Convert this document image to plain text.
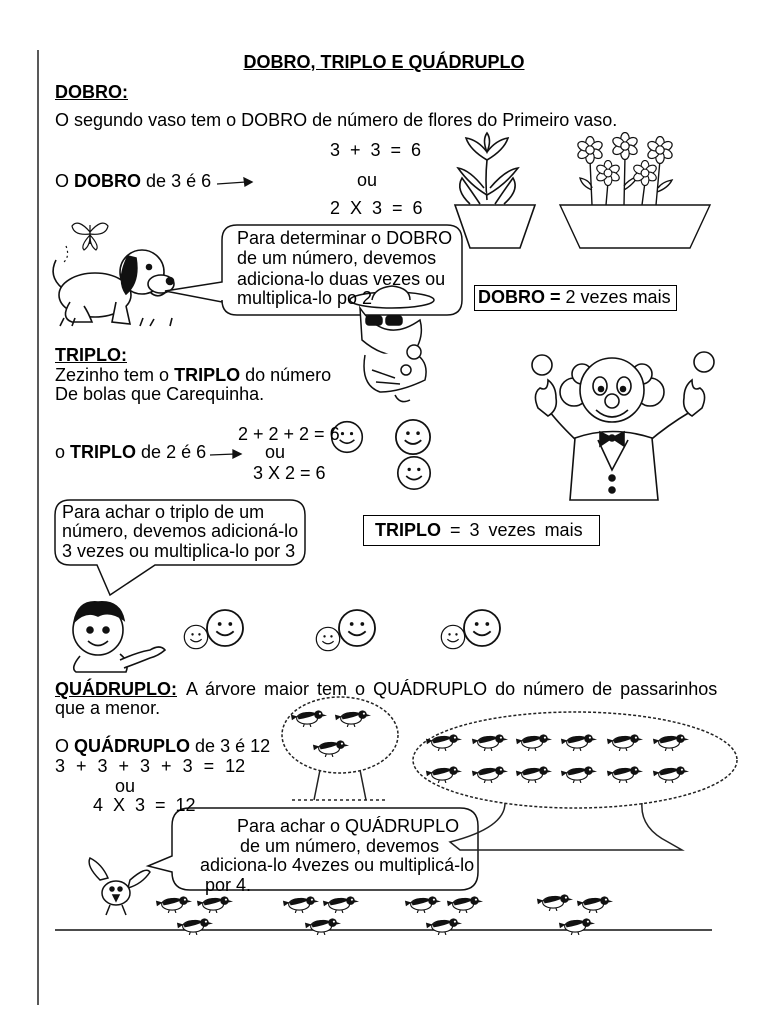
DOBRO, TRIPLO E QUÁDRUPLO
DOBRO:
O segundo vaso tem o DOBRO de número de flores do Primeiro vaso.
3 + 3 = 6
O DOBRO de 3 é 6	ou
2 X 3 = 6
Para determinar o DOBRO
de um número, devemos
adiciona-lo duas vezes ou
multiplica-lo po 2	DOBRO = 2 vezes mais
TRIPLO:
Zezinho tem o TRIPLO do número
De bolas que Carequinha.
2 + 2 + 2 = 6
o TRIPLO de 2 é 6	ou
3 X 2 = 6
Para achar o triplo de um
número, devemos adicioná-lo
3 vezes ou multiplica-lo por 3
TRIPLO = 3 vezes mais
QUÁDRUPLO: A árvore maior tem o QUÁDRUPLO do número de passarinhos
que a menor.
O QUÁDRUPLO de 3 é 12
3 + 3 + 3 + 3 = 12
ou
4 X 3 = 12
Para achar o QUÁDRUPLO
de um número, devemos
adiciona-lo 4vezes ou multiplicá-lo
por 4.
